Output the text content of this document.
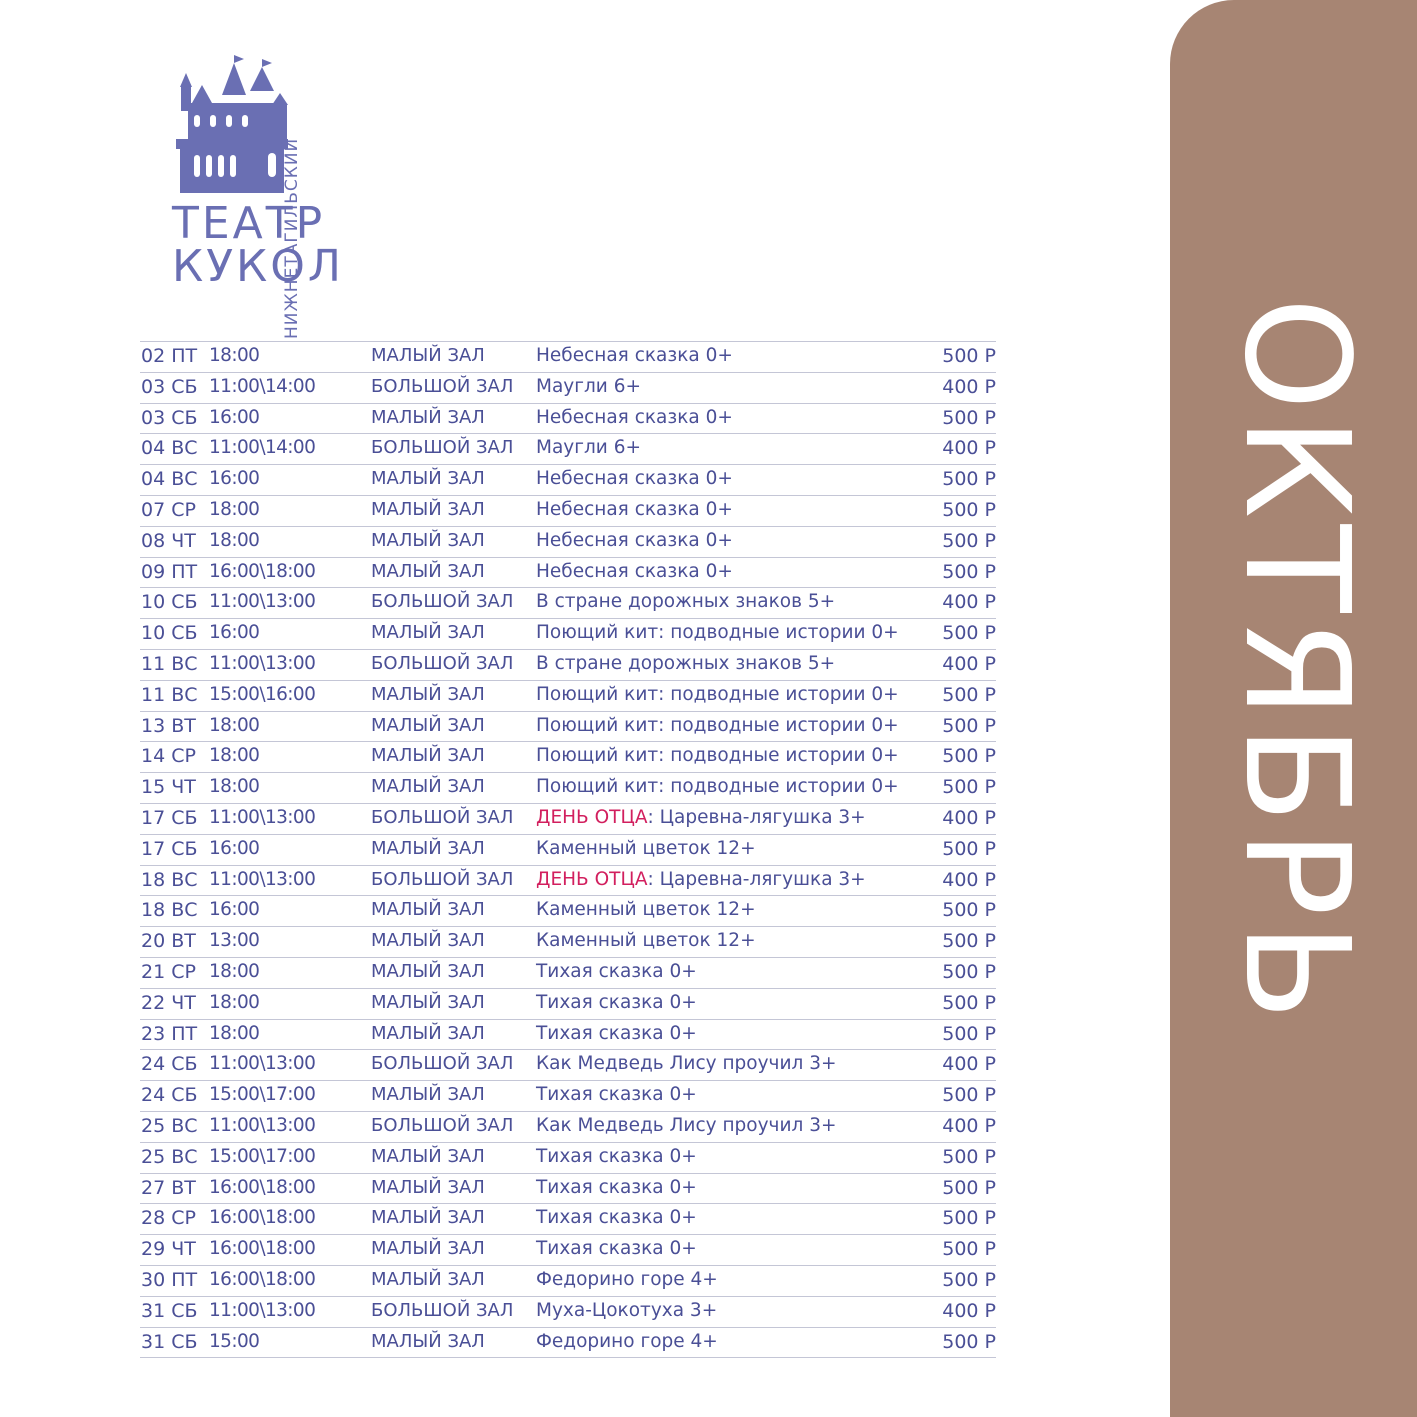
НИЖНЕТАГИЛЬСКИЙ
ТЕАТР
КУКОЛ
02 ПТ 18:00	МАЛЫЙ ЗАЛ	Небесная сказка 0+	500 Р
03 СБ 11:00\14:00	БОЛЬШОЙ ЗАЛ Маугли 6+	400 Р
03 СБ 16:00	МАЛЫЙ ЗАЛ	Небесная сказка 0+	500 Р
04 ВС 11:00\14:00	БОЛЬШОЙ ЗАЛ Маугли 6+	400 Р
04 ВС 16:00	МАЛЫЙ ЗАЛ	Небесная сказка 0+	500 Р
07 СР 18:00	МАЛЫЙ ЗАЛ	Небесная сказка 0+	500 Р
08 ЧТ 18:00	МАЛЫЙ ЗАЛ	Небесная сказка 0+	500 Р
09 ПТ 16:00\18:00	МАЛЫЙ ЗАЛ	Небесная сказка 0+	500 Р
10 СБ 11:00\13:00	БОЛЬШОЙ ЗАЛ В стране дорожных знаков 5+	400 Р
10 СБ 16:00	МАЛЫЙ ЗАЛ	Поющий кит: подводные истории 0+ 500 Р
11 ВС 11:00\13:00	БОЛЬШОЙ ЗАЛ В стране дорожных знаков 5+	400 Р
11 ВС 15:00\16:00	МАЛЫЙ ЗАЛ	Поющий кит: подводные истории 0+ 500 Р
13 ВТ 18:00	МАЛЫЙ ЗАЛ	Поющий кит: подводные истории 0+ 500 Р
14 СР 18:00	МАЛЫЙ ЗАЛ	Поющий кит: подводные истории 0+ 500 Р
15 ЧТ 18:00	МАЛЫЙ ЗАЛ	Поющий кит: подводные истории 0+ 500 Р
17 СБ 11:00\13:00	БОЛЬШОЙ ЗАЛ ДЕНЬ ОТЦА: Царевна-лягушка 3+	400 Р
17 СБ 16:00	МАЛЫЙ ЗАЛ	Каменный цветок 12+	500 Р
18 ВС 11:00\13:00	БОЛЬШОЙ ЗАЛ ДЕНЬ ОТЦА: Царевна-лягушка 3+	400 Р
18 ВС 16:00	МАЛЫЙ ЗАЛ	Каменный цветок 12+	500 Р
20 ВТ 13:00	МАЛЫЙ ЗАЛ	Каменный цветок 12+	500 Р
21 СР 18:00	МАЛЫЙ ЗАЛ	Тихая сказка 0+	500 Р
22 ЧТ 18:00	МАЛЫЙ ЗАЛ	Тихая сказка 0+	500 Р
23 ПТ 18:00	МАЛЫЙ ЗАЛ	Тихая сказка 0+	500 Р
24 СБ 11:00\13:00	БОЛЬШОЙ ЗАЛ Как Медведь Лису проучил 3+	400 Р
24 СБ 15:00\17:00	МАЛЫЙ ЗАЛ	Тихая сказка 0+	500 Р
25 ВС 11:00\13:00	БОЛЬШОЙ ЗАЛ Как Медведь Лису проучил 3+	400 Р
25 ВС 15:00\17:00	МАЛЫЙ ЗАЛ	Тихая сказка 0+	500 Р
27 ВТ 16:00\18:00	МАЛЫЙ ЗАЛ	Тихая сказка 0+	500 Р
28 СР 16:00\18:00	МАЛЫЙ ЗАЛ	Тихая сказка 0+	500 Р
29 ЧТ 16:00\18:00	МАЛЫЙ ЗАЛ	Тихая сказка 0+	500 Р
30 ПТ 16:00\18:00	МАЛЫЙ ЗАЛ	Федорино горе 4+	500 Р
31 СБ 11:00\13:00	БОЛЬШОЙ ЗАЛ Муха-Цокотуха 3+	400 Р
31 СБ 15:00	МАЛЫЙ ЗАЛ	Федорино горе 4+	500 Р
ОКТЯБРЬ
